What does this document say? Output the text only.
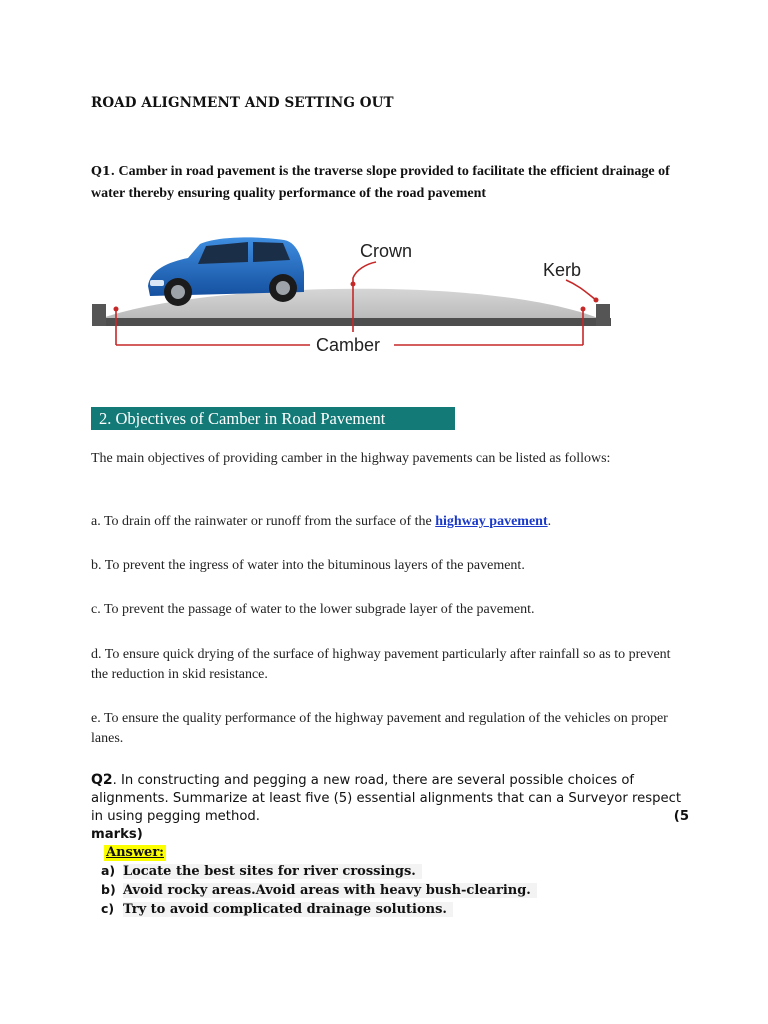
ROAD ALIGNMENT AND SETTING OUT
Q1. Camber in road pavement is the traverse slope provided to facilitate the efficient drainage of water thereby ensuring quality performance of the road pavement
Crown
Kerb
Camber
2. Objectives of Camber in Road Pavement
The main objectives of providing camber in the highway pavements can be listed as follows:
a. To drain off the rainwater or runoff from the surface of the highway pavement.
b. To prevent the ingress of water into the bituminous layers of the pavement.
c. To prevent the passage of water to the lower subgrade layer of the pavement.
d. To ensure quick drying of the surface of highway pavement particularly after rainfall so as to prevent the reduction in skid resistance.
e. To ensure the quality performance of the highway pavement and regulation of the vehicles on proper lanes.
Q2. In constructing and pegging a new road, there are several possible choices of alignments. Summarize at least five (5) essential alignments that can a Surveyor respect in using pegging method.	(5

marks)
Answer:
a) Locate the best sites for river crossings.
b) Avoid rocky areas.Avoid areas with heavy bush-clearing.
c) Try to avoid complicated drainage solutions.
